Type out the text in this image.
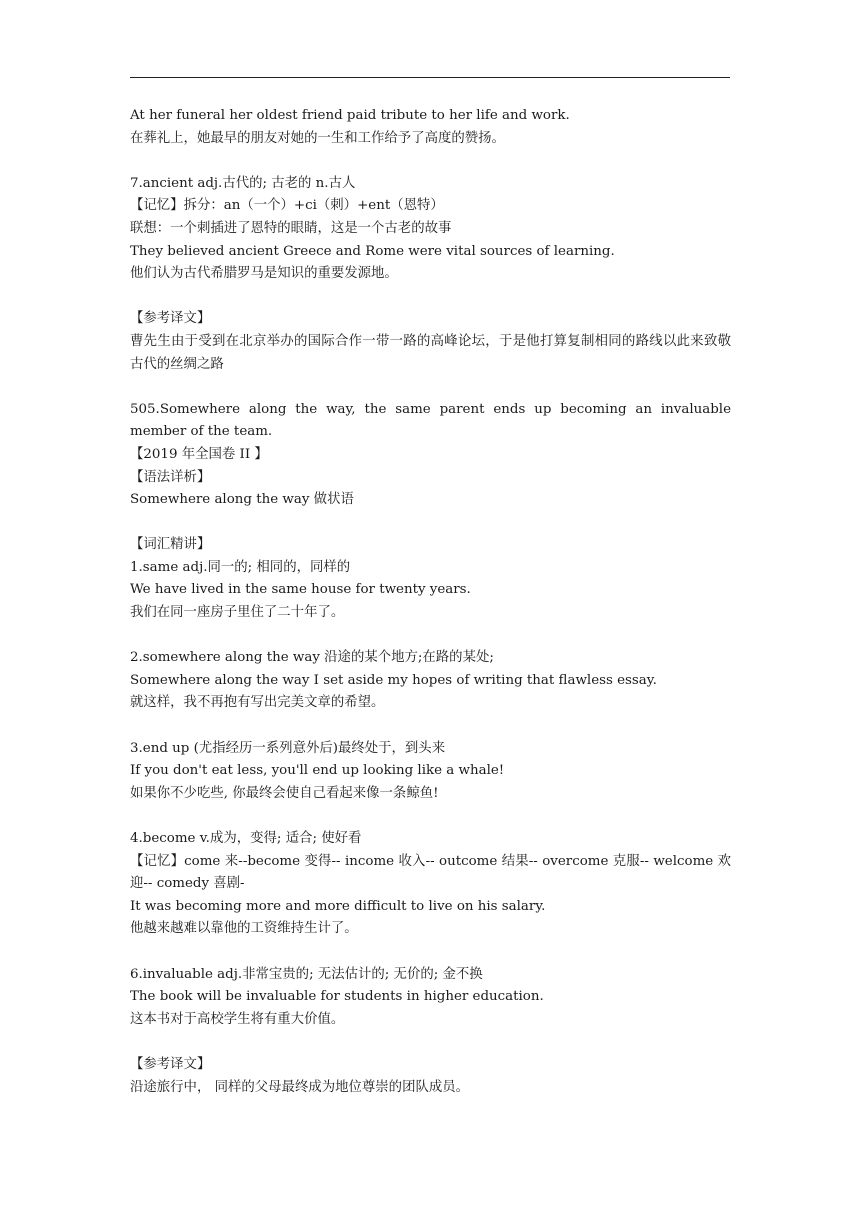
At her funeral her oldest friend paid tribute to her life and work.
在葬礼上，她最早的朋友对她的一生和工作给予了高度的赞扬。
7.ancient adj.古代的; 古老的 n.古人
【记忆】拆分：an（一个）+ci（刺）+ent（恩特）
联想：一个刺插进了恩特的眼睛，这是一个古老的故事
They believed ancient Greece and Rome were vital sources of learning.
他们认为古代希腊罗马是知识的重要发源地。
【参考译文】
曹先生由于受到在北京举办的国际合作一带一路的高峰论坛，于是他打算复制相同的路线以此来致敬古代的丝绸之路
505.Somewhere along the way, the same parent ends up becoming an invaluable member of the team.
【2019 年全国卷 II 】
【语法详析】
Somewhere along the way 做状语
【词汇精讲】
1.same adj.同一的; 相同的，同样的
We have lived in the same house for twenty years.
我们在同一座房子里住了二十年了。
2.somewhere along the way 沿途的某个地方;在路的某处;
Somewhere along the way I set aside my hopes of writing that flawless essay.
就这样，我不再抱有写出完美文章的希望。
3.end up (尤指经历一系列意外后)最终处于，到头来
If you don't eat less, you'll end up looking like a whale!
如果你不少吃些, 你最终会使自己看起来像一条鲸鱼!
4.become v.成为，变得; 适合; 使好看
【记忆】come 来--become 变得-- income 收入-- outcome 结果-- overcome 克服-- welcome 欢迎-- comedy 喜剧-
It was becoming more and more difficult to live on his salary.
他越来越难以靠他的工资维持生计了。
6.invaluable adj.非常宝贵的; 无法估计的; 无价的; 金不换
The book will be invaluable for students in higher education.
这本书对于高校学生将有重大价值。
【参考译文】
沿途旅行中， 同样的父母最终成为地位尊崇的团队成员。
